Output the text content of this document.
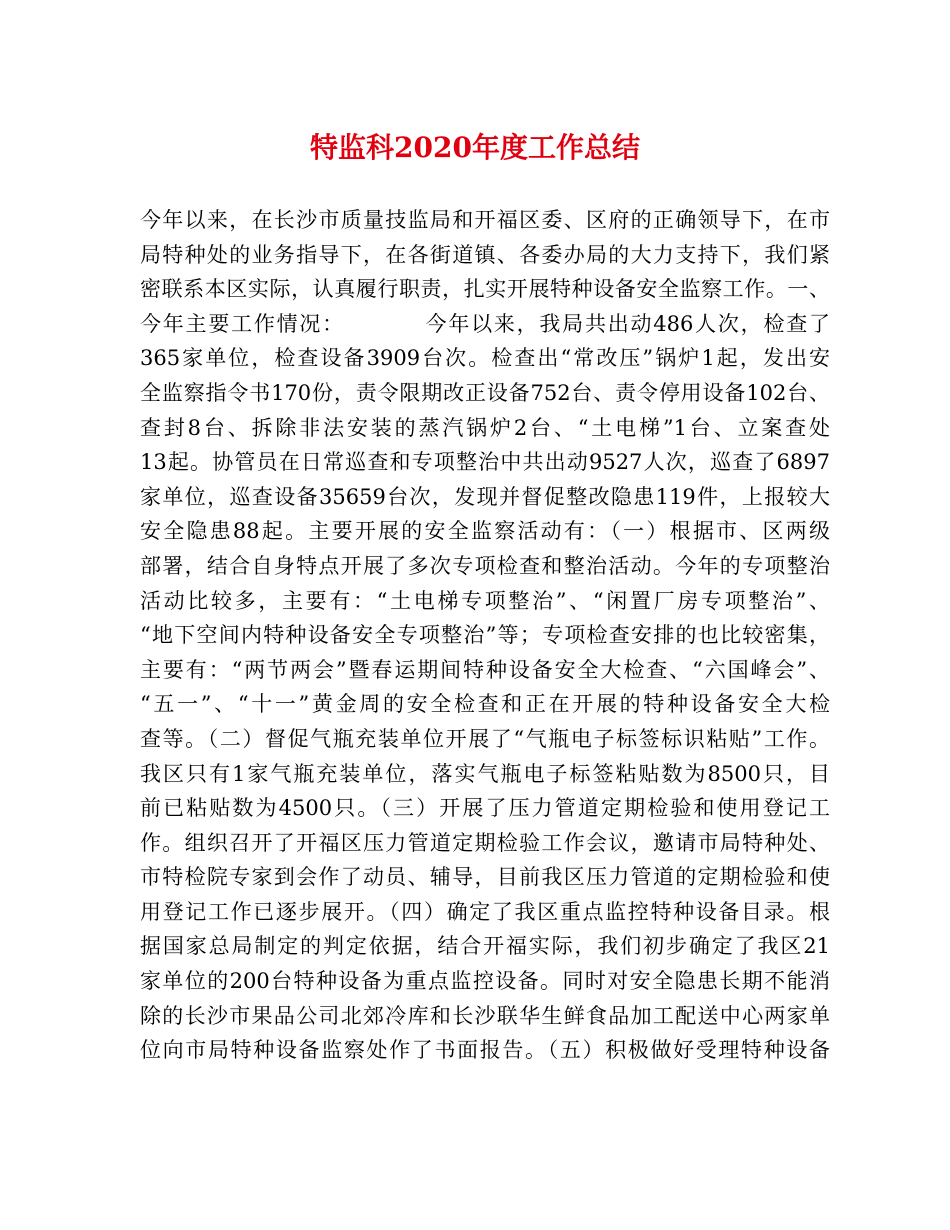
特监科2020年度工作总结
今年以来，在长沙市质量技监局和开福区委、区府的正确领导下，在市
局特种处的业务指导下，在各街道镇、各委办局的大力支持下，我们紧
密联系本区实际，认真履行职责，扎实开展特种设备安全监察工作。一、
今年主要工作情况：　　　　今年以来，我局共出动486人次，检查了
365家单位，检查设备3909台次。检查出“常改压”锅炉1起，发出安
全监察指令书170份，责令限期改正设备752台、责令停用设备102台、
查封8台、拆除非法安装的蒸汽锅炉2台、“土电梯”1台、立案查处
13起。协管员在日常巡查和专项整治中共出动9527人次，巡查了6897
家单位，巡查设备35659台次，发现并督促整改隐患119件，上报较大
安全隐患88起。主要开展的安全监察活动有：（一）根据市、区两级
部署，结合自身特点开展了多次专项检查和整治活动。今年的专项整治
活动比较多，主要有：“土电梯专项整治”、“闲置厂房专项整治”、
“地下空间内特种设备安全专项整治”等；专项检查安排的也比较密集，
主要有：“两节两会”暨春运期间特种设备安全大检查、“六国峰会”、
“五一”、“十一”黄金周的安全检查和正在开展的特种设备安全大检
查等。（二）督促气瓶充装单位开展了“气瓶电子标签标识粘贴”工作。
我区只有1家气瓶充装单位，落实气瓶电子标签粘贴数为8500只，目
前已粘贴数为4500只。（三）开展了压力管道定期检验和使用登记工
作。组织召开了开福区压力管道定期检验工作会议，邀请市局特种处、
市特检院专家到会作了动员、辅导，目前我区压力管道的定期检验和使
用登记工作已逐步展开。（四）确定了我区重点监控特种设备目录。根
据国家总局制定的判定依据，结合开福实际，我们初步确定了我区21
家单位的200台特种设备为重点监控设备。同时对安全隐患长期不能消
除的长沙市果品公司北郊冷库和长沙联华生鲜食品加工配送中心两家单
位向市局特种设备监察处作了书面报告。（五）积极做好受理特种设备
